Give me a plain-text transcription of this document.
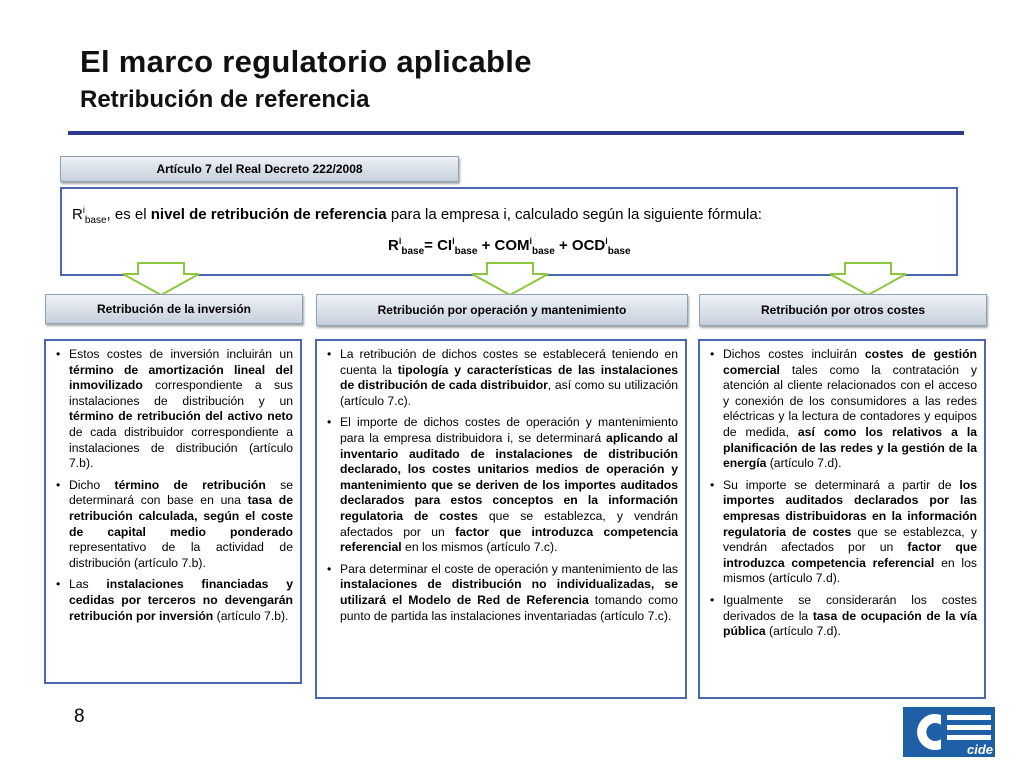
El marco regulatorio aplicable
Retribución de referencia
Artículo 7 del Real Decreto 222/2008
$R^i_{base}$, es el nivel de retribución de referencia para la empresa i, calculado según la siguiente fórmula:
$R^i_{base}= CI^i_{base} + COM^i_{base} + OCD^i_{base}$
Retribución de la inversión	Retribución por operación y mantenimiento	Retribución por otros costes
• Estos costes de inversión incluirán un término de amortización lineal del inmovilizado correspondiente a sus instalaciones de distribución y un término de retribución del activo neto de cada distribuidor correspondiente a instalaciones de distribución (artículo 7.b).
• Dicho término de retribución se determinará con base en una tasa de retribución calculada, según el coste de capital medio ponderado representativo de la actividad de distribución (artículo 7.b).
• Las instalaciones financiadas y cedidas por terceros no devengarán retribución por inversión (artículo 7.b).
• La retribución de dichos costes se establecerá teniendo en cuenta la tipología y características de las instalaciones de distribución de cada distribuidor, así como su utilización (artículo 7.c).
• El importe de dichos costes de operación y mantenimiento para la empresa distribuidora i, se determinará aplicando al inventario auditado de instalaciones de distribución declarado, los costes unitarios medios de operación y mantenimiento que se deriven de los importes auditados declarados para estos conceptos en la información regulatoria de costes que se establezca, y vendrán afectados por un factor que introduzca competencia referencial en los mismos (artículo 7.c).
• Para determinar el coste de operación y mantenimiento de las instalaciones de distribución no individualizadas, se utilizará el Modelo de Red de Referencia tomando como punto de partida las instalaciones inventariadas (artículo 7.c).
• Dichos costes incluirán costes de gestión comercial tales como la contratación y atención al cliente relacionados con el acceso y conexión de los consumidores a las redes eléctricas y la lectura de contadores y equipos de medida, así como los relativos a la planificación de las redes y la gestión de la energía (artículo 7.d).
• Su importe se determinará a partir de los importes auditados declarados por las empresas distribuidoras en la información regulatoria de costes que se establezca, y vendrán afectados por un factor que introduzca competencia referencial en los mismos (artículo 7.d).
• Igualmente se considerarán los costes derivados de la tasa de ocupación de la vía pública (artículo 7.d).
8
cide
